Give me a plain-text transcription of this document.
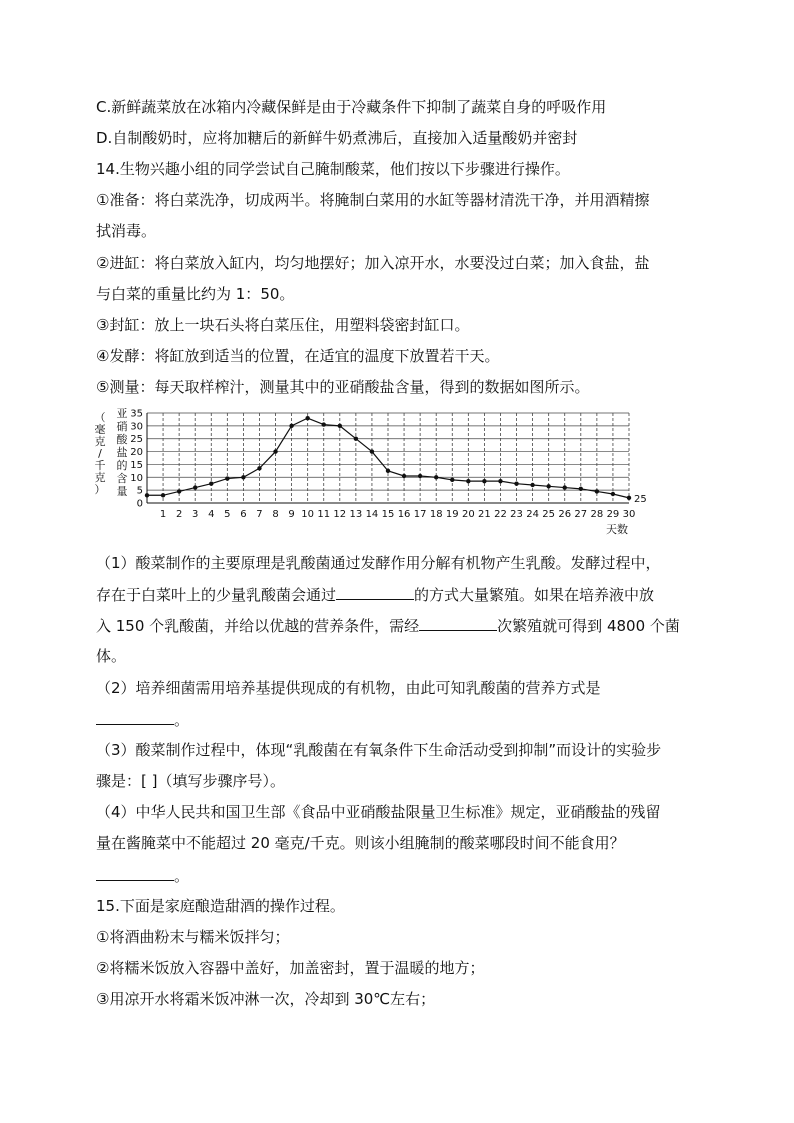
C.新鲜蔬菜放在冰箱内冷藏保鲜是由于冷藏条件下抑制了蔬菜自身的呼吸作用
D.自制酸奶时，应将加糖后的新鲜牛奶煮沸后，直接加入适量酸奶并密封
14.生物兴趣小组的同学尝试自己腌制酸菜，他们按以下步骤进行操作。
①准备：将白菜洗净，切成两半。将腌制白菜用的水缸等器材清洗干净，并用酒精擦
拭消毒。
②进缸：将白菜放入缸内，均匀地摆好；加入凉开水，水要没过白菜；加入食盐，盐
与白菜的重量比约为 1：50。
③封缸：放上一块石头将白菜压住，用塑料袋密封缸口。
④发酵：将缸放到适当的位置，在适宜的温度下放置若干天。
⑤测量：每天取样榨汁，测量其中的亚硝酸盐含量，得到的数据如图所示。
0
5
10
15
20
25
30
35
1 2 3 4 5 6 7 8 9 10 11 12 13 14 15 16 17 18 19 20 21 22 23 24 25 26 27 28 29 30
天数
（
毫
克
/
千
克
）
亚
硝
酸
盐
的
含
量
25
（1）酸菜制作的主要原理是乳酸菌通过发酵作用分解有机物产生乳酸。发酵过程中，
存在于白菜叶上的少量乳酸菌会通过	的方式大量繁殖。如果在培养液中放
入 150 个乳酸菌，并给以优越的营养条件，需经	次繁殖就可得到 4800 个菌
体。
（2）培养细菌需用培养基提供现成的有机物，由此可知乳酸菌的营养方式是
。
（3）酸菜制作过程中，体现“乳酸菌在有氧条件下生命活动受到抑制”而设计的实验步
骤是：[ ]（填写步骤序号）。
（4）中华人民共和国卫生部《食品中亚硝酸盐限量卫生标准》规定，亚硝酸盐的残留
量在酱腌菜中不能超过 20 毫克/千克。则该小组腌制的酸菜哪段时间不能食用？
。
15.下面是家庭酿造甜酒的操作过程。
①将酒曲粉末与糯米饭拌匀；
②将糯米饭放入容器中盖好，加盖密封，置于温暖的地方；
③用凉开水将霜米饭冲淋一次，冷却到 30℃左右；
